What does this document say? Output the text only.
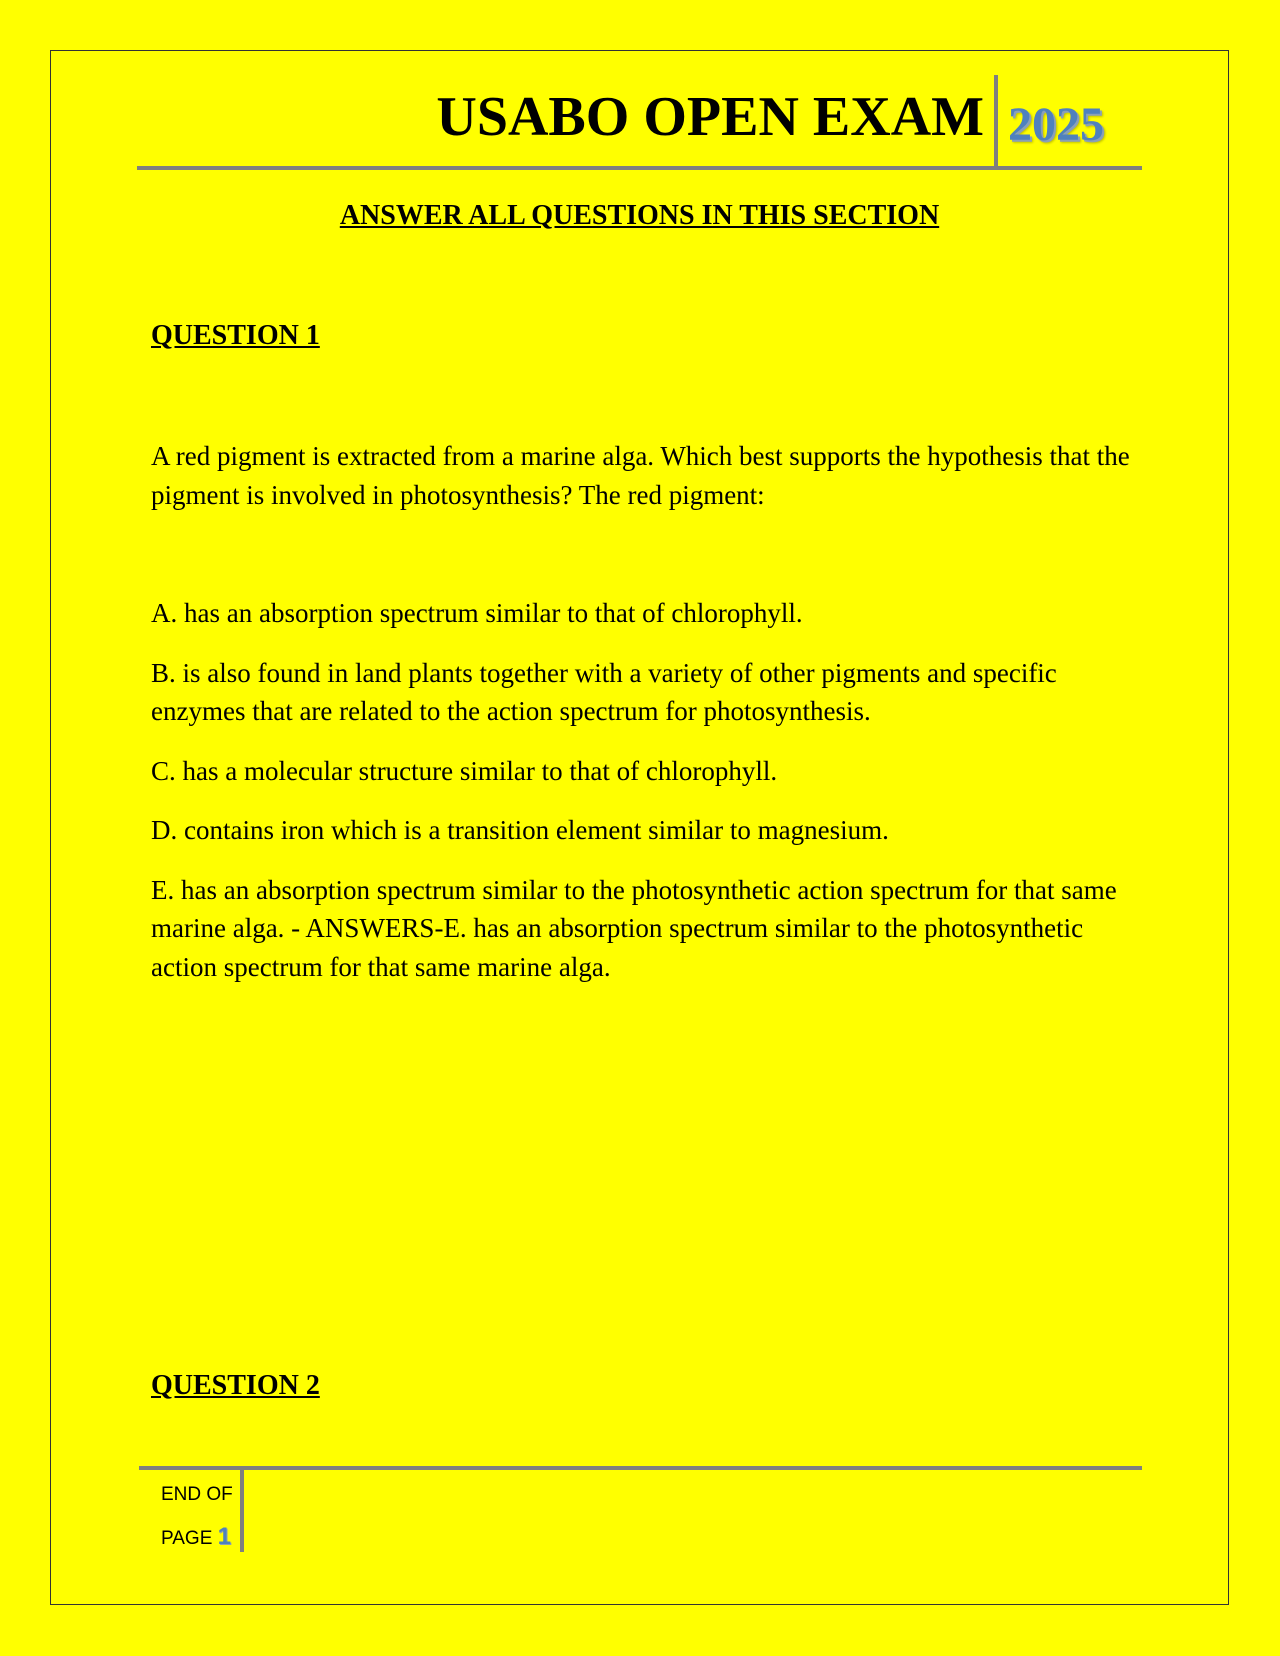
USABO OPEN EXAM 2025
ANSWER ALL QUESTIONS IN THIS SECTION
QUESTION 1
A red pigment is extracted from a marine alga. Which best supports the hypothesis that the pigment is involved in photosynthesis? The red pigment:

A. has an absorption spectrum similar to that of chlorophyll.

B. is also found in land plants together with a variety of other pigments and specific enzymes that are related to the action spectrum for photosynthesis.

C. has a molecular structure similar to that of chlorophyll.

D. contains iron which is a transition element similar to magnesium.

E. has an absorption spectrum similar to the photosynthetic action spectrum for that same marine alga. - ANSWERS-E. has an absorption spectrum similar to the photosynthetic action spectrum for that same marine alga.

QUESTION 2
END OF
PAGE 1
